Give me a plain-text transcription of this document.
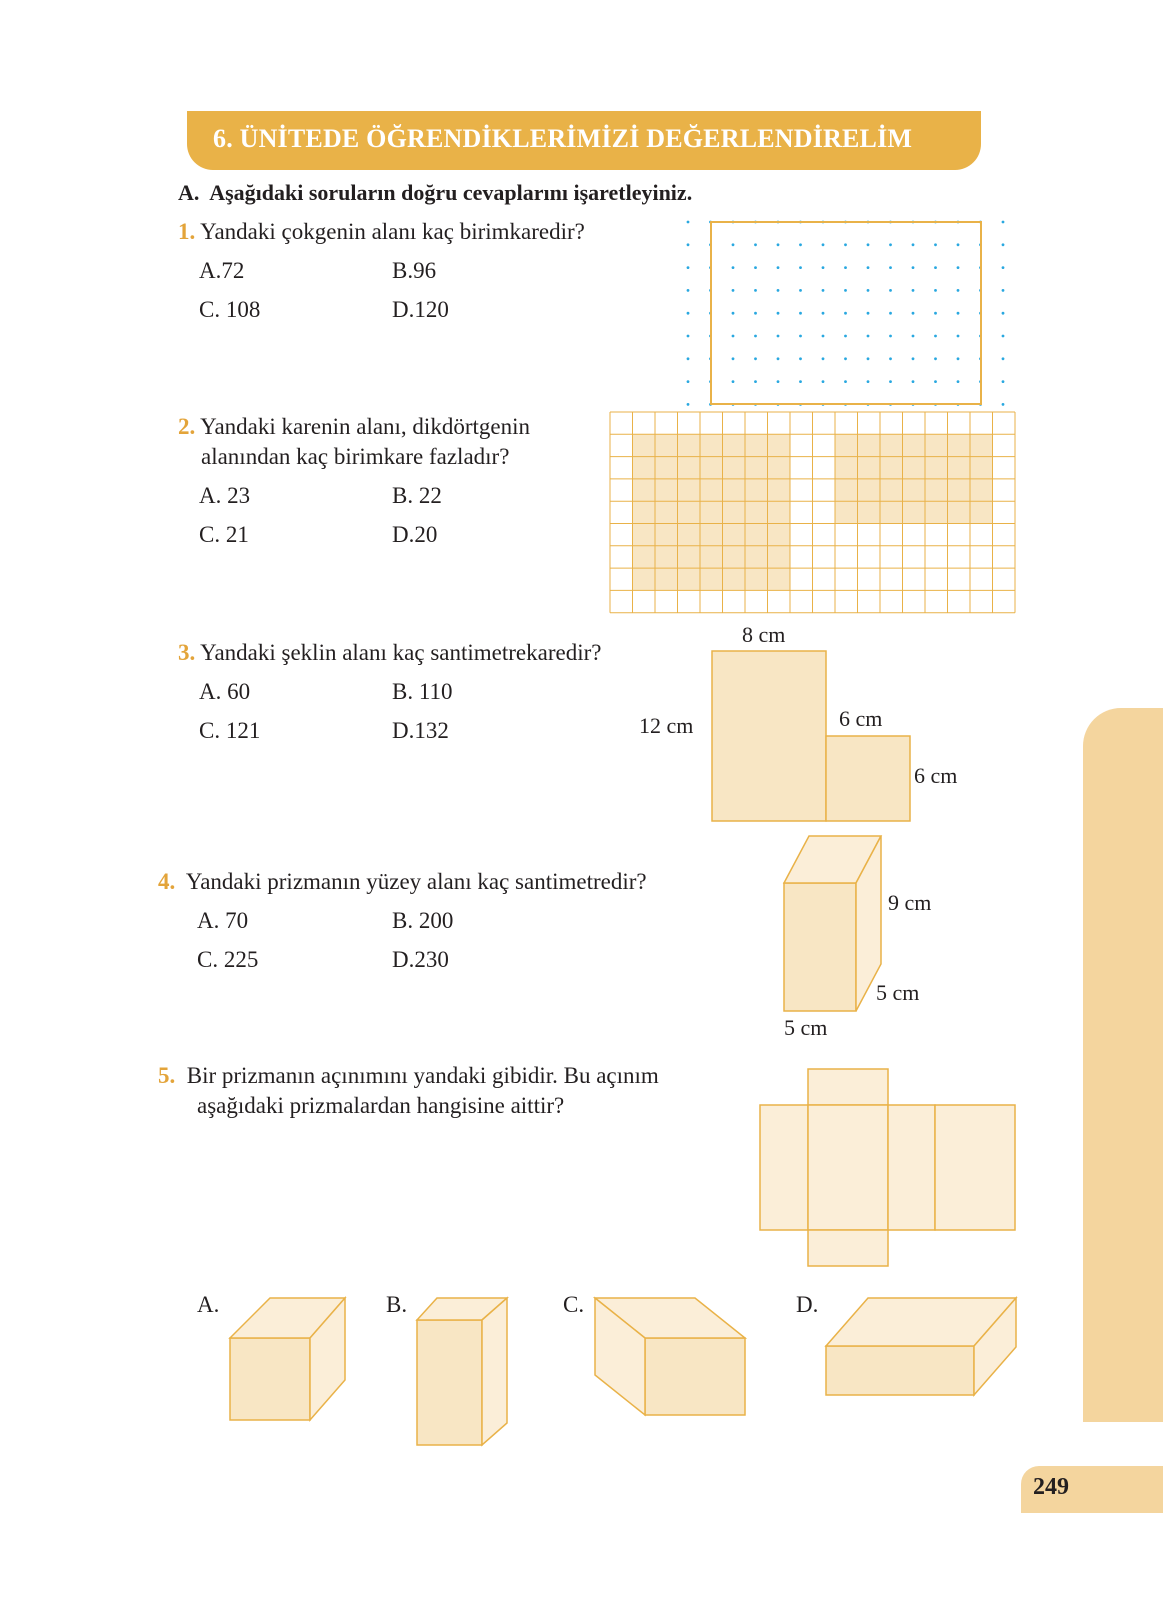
6. ÜNİTEDE ÖĞRENDİKLERİMİZİ DEĞERLENDİRELİM
A. Aşağıdaki soruların doğru cevaplarını işaretleyiniz.
1. Yandaki çokgenin alanı kaç birimkaredir?
A.72	B.96
C. 108	D.120
2. Yandaki karenin alanı, dikdörtgenin
alanından kaç birimkare fazladır?
A. 23	B. 22
C. 21	D.20
3. Yandaki şeklin alanı kaç santimetrekaredir?
A. 60	B. 110
C. 121	D.132
8 cm
12 cm	6 cm
6 cm
4. Yandaki prizmanın yüzey alanı kaç santimetredir?
A. 70	B. 200
C. 225	D.230
9 cm
5 cm
5 cm
5. Bir prizmanın açınımını yandaki gibidir. Bu açınım
aşağıdaki prizmalardan hangisine aittir?
A.	B.	C.	D.
249
